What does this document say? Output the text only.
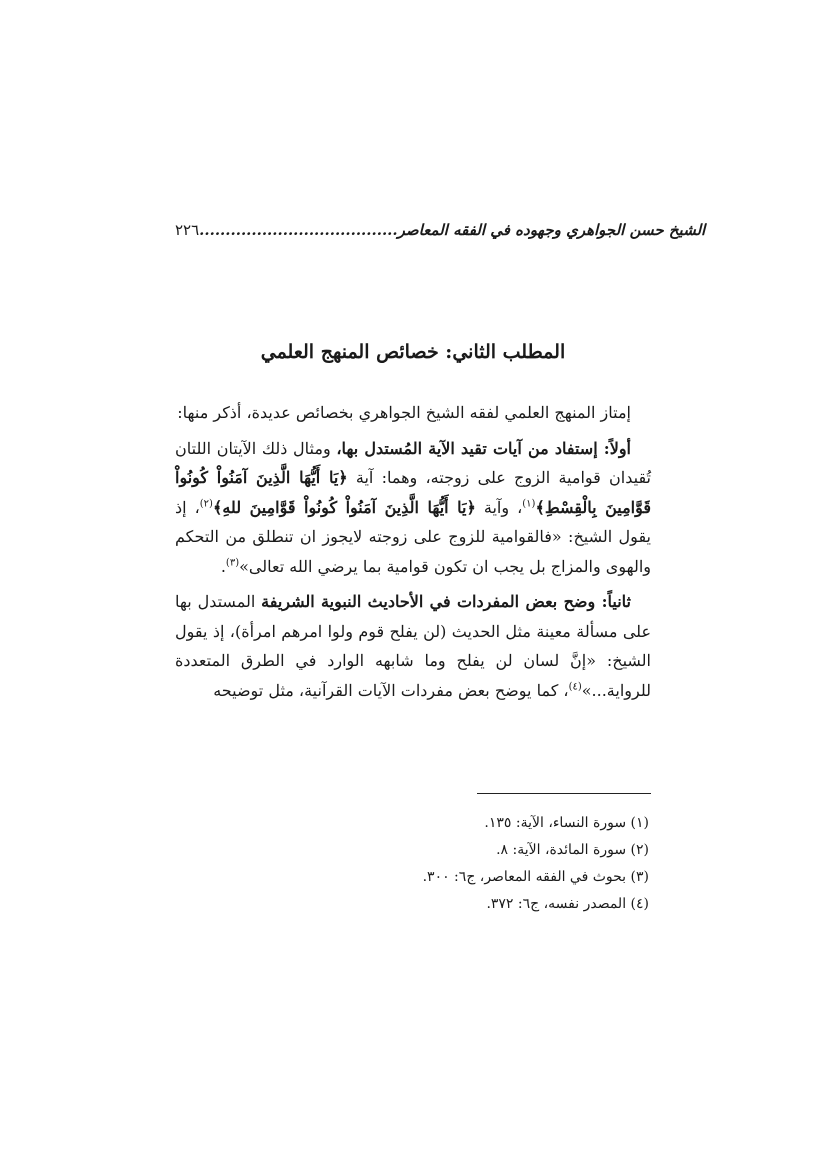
٢٢٦	الشيخ حسن الجواهري وجهوده في الفقه المعاصر......................................
المطلب الثاني: خصائص المنهج العلمي

إمتاز المنهج العلمي لفقه الشيخ الجواهري بخصائص عديدة، أذكر منها:

أولاً: إستفاد من آيات تقيد الآية المُستدل بها، ومثال ذلك الآيتان اللتان تُقيدان قوامية الزوج على زوجته، وهما: آية ﴿يَا أَيُّهَا الَّذِينَ آمَنُواْ كُونُواْ قَوَّامِينَ بِالْقِسْطِ﴾$^{(١)}$، وآية ﴿يَا أَيُّهَا الَّذِينَ آمَنُواْ كُونُواْ قَوَّامِينَ للهِ﴾$^{(٢)}$، إذ يقول الشيخ: «فالقوامية للزوج على زوجته لايجوز ان تنطلق من التحكم والهوى والمزاج بل يجب ان تكون قوامية بما يرضي الله تعالى»$^{(٣)}$.

ثانياً: وضح بعض المفردات في الأحاديث النبوية الشريفة المستدل بها على مسألة معينة مثل الحديث (لن يفلح قوم ولوا امرهم امرأة)، إذ يقول الشيخ: «إنَّ لسان لن يفلح وما شابهه الوارد في الطرق المتعددة للرواية...»$^{(٤)}$، كما يوضح بعض مفردات الآيات القرآنية، مثل توضيحه

(١) سورة النساء، الآية: ١٣٥.
(٢) سورة المائدة، الآية: ٨.
(٣) بحوث في الفقه المعاصر، ج٦: ٣٠٠.
(٤) المصدر نفسه، ج٦: ٣٧٢.
